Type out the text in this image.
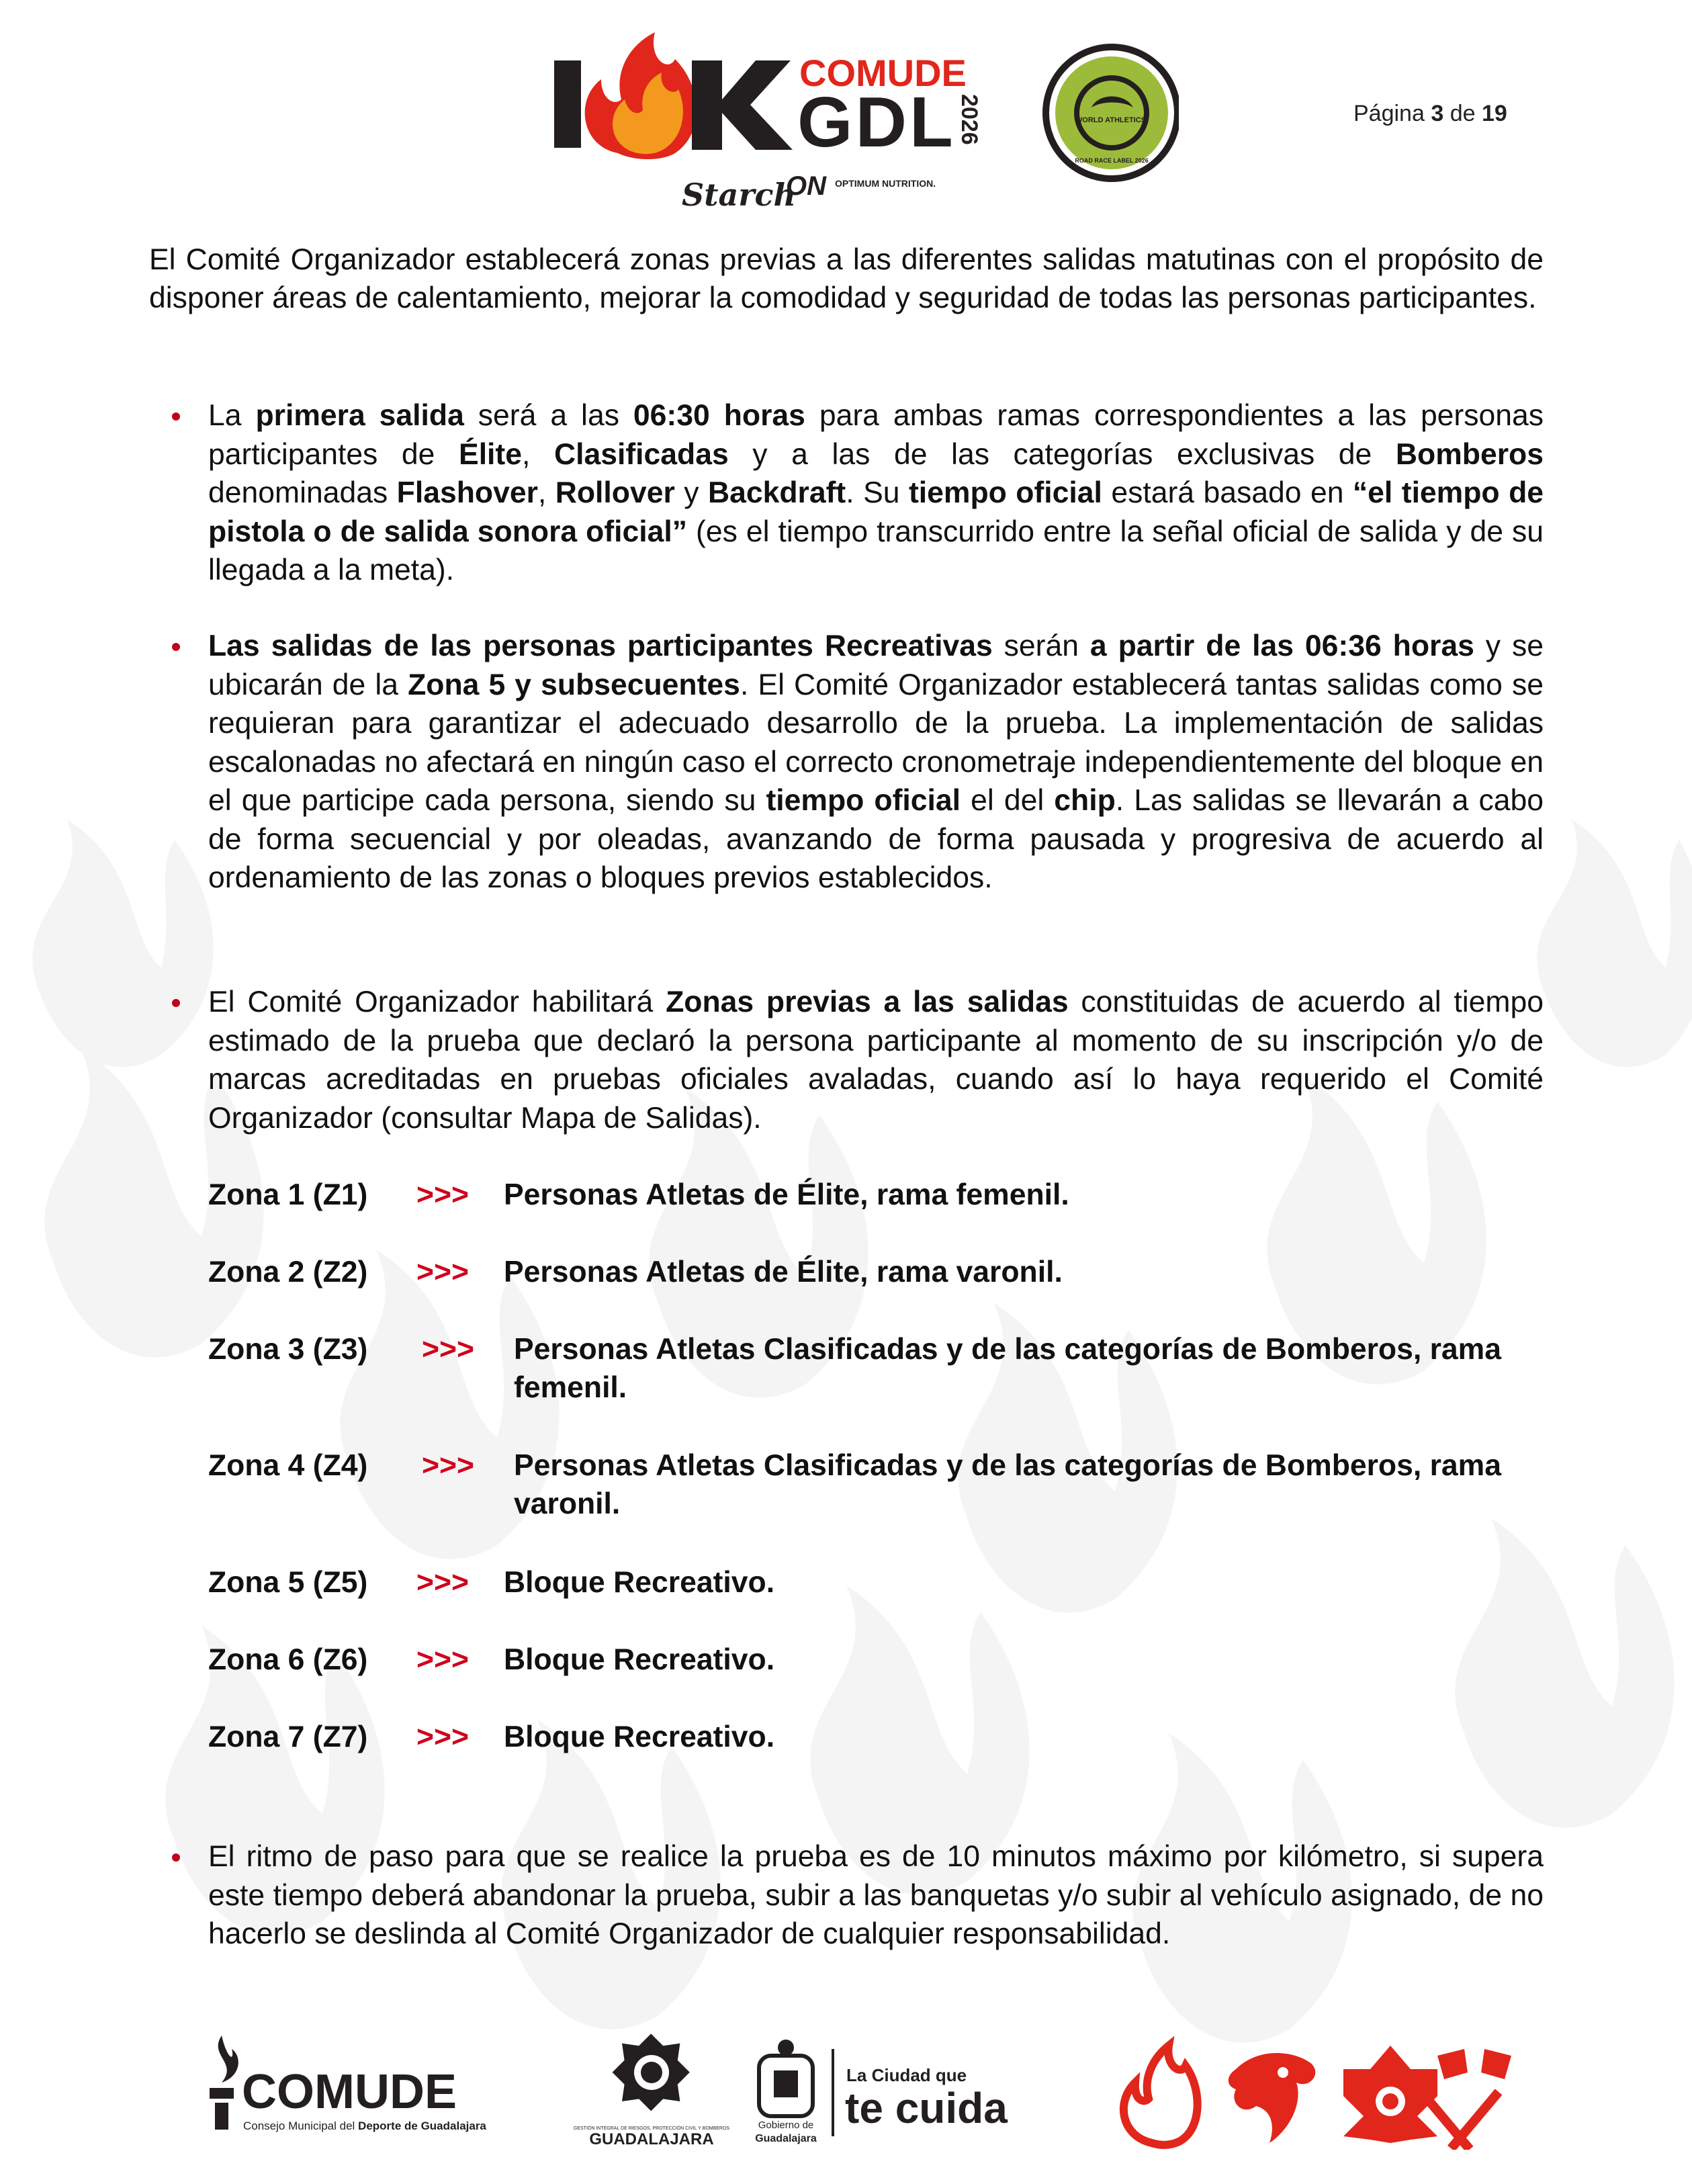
COMUDE
GDL 2026
Starch
ON OPTIMUM NUTRITION.
WORLD ATHLETICS.
ROAD RACE LABEL 2026
Página 3 de 19

El Comité Organizador establecerá zonas previas a las diferentes salidas matutinas con el propósito de disponer áreas de calentamiento, mejorar la comodidad y seguridad de todas las personas participantes.

La primera salida será a las 06:30 horas para ambas ramas correspondientes a las personas participantes de Élite, Clasificadas y a las de las categorías exclusivas de Bomberos denominadas Flashover, Rollover y Backdraft. Su tiempo oficial estará basado en “el tiempo de pistola o de salida sonora oficial” (es el tiempo transcurrido entre la señal oficial de salida y de su llegada a la meta).
Las salidas de las personas participantes Recreativas serán a partir de las 06:36 horas y se ubicarán de la Zona 5 y subsecuentes. El Comité Organizador establecerá tantas salidas como se requieran para garantizar el adecuado desarrollo de la prueba. La implementación de salidas escalonadas no afectará en ningún caso el correcto cronometraje independientemente del bloque en el que participe cada persona, siendo su tiempo oficial el del chip. Las salidas se llevarán a cabo de forma secuencial y por oleadas, avanzando de forma pausada y progresiva de acuerdo al ordenamiento de las zonas o bloques previos establecidos.
El Comité Organizador habilitará Zonas previas a las salidas constituidas de acuerdo al tiempo estimado de la prueba que declaró la persona participante al momento de su inscripción y/o de marcas acreditadas en pruebas oficiales avaladas, cuando así lo haya requerido el Comité Organizador (consultar Mapa de Salidas).
Zona 1 (Z1) >>> Personas Atletas de Élite, rama femenil.
Zona 2 (Z2) >>> Personas Atletas de Élite, rama varonil.
Zona 3 (Z3) >>> Personas Atletas Clasificadas y de las categorías de Bomberos, rama femenil.
Zona 4 (Z4) >>> Personas Atletas Clasificadas y de las categorías de Bomberos, rama varonil.
Zona 5 (Z5) >>> Bloque Recreativo.
Zona 6 (Z6) >>> Bloque Recreativo.
Zona 7 (Z7) >>> Bloque Recreativo.
El ritmo de paso para que se realice la prueba es de 10 minutos máximo por kilómetro, si supera este tiempo deberá abandonar la prueba, subir a las banquetas y/o subir al vehículo asignado, de no hacerlo se deslinda al Comité Organizador de cualquier responsabilidad.
COMUDE
Consejo Municipal del Deporte de Guadalajara	GESTIÓN INTEGRAL DE RIESGOS, PROTECCIÓN CIVIL Y BOMBEROS
GUADALAJARA
Gobierno de
Guadalajara
La Ciudad que
te cuida
